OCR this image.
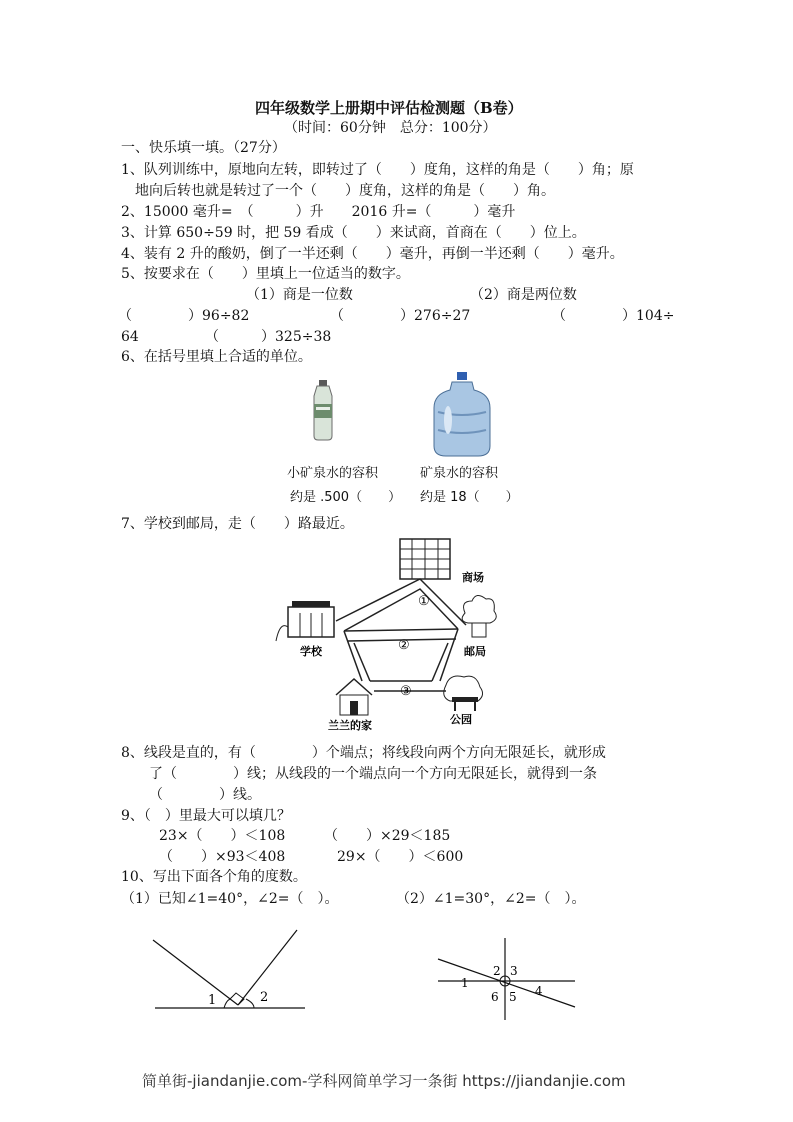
四年级数学上册期中评估检测题（B卷）
（时间：60分钟　总分：100分）
一、快乐填一填。（27分）
1、队列训练中，原地向左转，即转过了（　　）度角，这样的角是（　　）角；原
地向后转也就是转过了一个（　　）度角，这样的角是（　　）角。
2、15000 毫升=　（　　　）升　　2016 升=（　　　）毫升
3、计算 650÷59 时，把 59 看成（　　）来试商，首商在（　　）位上。
4、装有 2 升的酸奶，倒了一半还剩（　　）毫升，再倒一半还剩（　　）毫升。
5、按要求在（　　）里填上一位适当的数字。
（1）商是一位数	（2）商是两位数
（　　　　）96÷82	（　　　　）276÷27	（　　　　）104÷
64	（　　　）325÷38
6、在括号里填上合适的单位。
小矿泉水的容积
约是 .500（　　）
矿泉水的容积
约是 18（　　）
7、学校到邮局，走（　　）路最近。
①
②
③
商场
学校	邮局
兰兰的家	公园
8、线段是直的，有（　　　　）个端点；将线段向两个方向无限延长，就形成
了（　　　　）线；从线段的一个端点向一个方向无限延长，就得到一条
（　　　　）线。
9、（　）里最大可以填几？
23×（　　）＜108	（　　）×29＜185
（　　）×93＜408	29×（　　）＜600
10、写出下面各个角的度数。
（1）已知∠1=40°，∠2=（　）。	（2）∠1=30°，∠2=（　）。
1	2
2 3
1
4
5
6
简单街-jiandanjie.com-学科网简单学习一条街 https://jiandanjie.com
